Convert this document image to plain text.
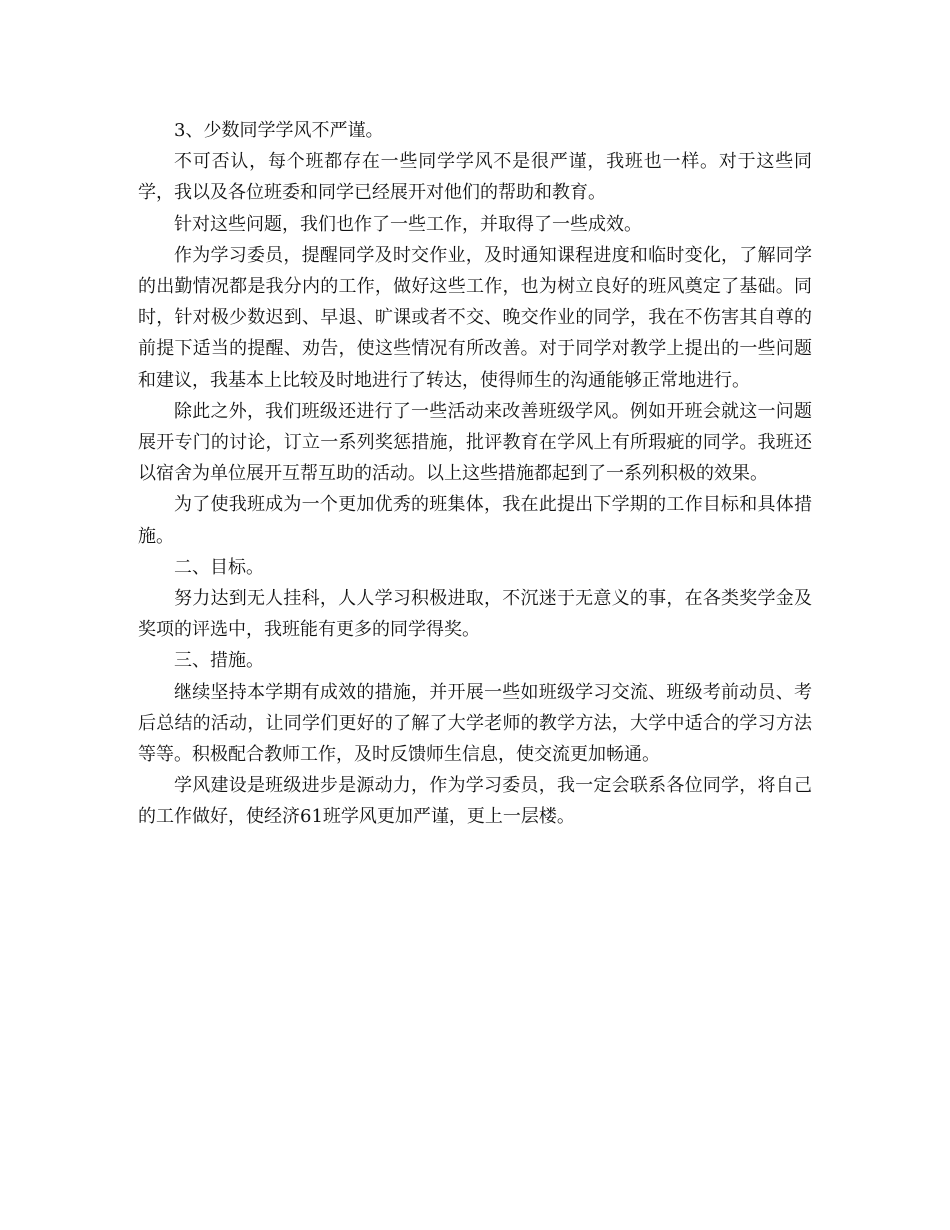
3、少数同学学风不严谨。

不可否认，每个班都存在一些同学学风不是很严谨，我班也一样。对于这些同学，我以及各位班委和同学已经展开对他们的帮助和教育。

针对这些问题，我们也作了一些工作，并取得了一些成效。

作为学习委员，提醒同学及时交作业，及时通知课程进度和临时变化，了解同学的出勤情况都是我分内的工作，做好这些工作，也为树立良好的班风奠定了基础。同时，针对极少数迟到、早退、旷课或者不交、晚交作业的同学，我在不伤害其自尊的前提下适当的提醒、劝告，使这些情况有所改善。对于同学对教学上提出的一些问题和建议，我基本上比较及时地进行了转达，使得师生的沟通能够正常地进行。

除此之外，我们班级还进行了一些活动来改善班级学风。例如开班会就这一问题展开专门的讨论，订立一系列奖惩措施，批评教育在学风上有所瑕疵的同学。我班还以宿舍为单位展开互帮互助的活动。以上这些措施都起到了一系列积极的效果。

为了使我班成为一个更加优秀的班集体，我在此提出下学期的工作目标和具体措施。

二、目标。

努力达到无人挂科，人人学习积极进取，不沉迷于无意义的事，在各类奖学金及奖项的评选中，我班能有更多的同学得奖。

三、措施。

继续坚持本学期有成效的措施，并开展一些如班级学习交流、班级考前动员、考后总结的活动，让同学们更好的了解了大学老师的教学方法，大学中适合的学习方法等等。积极配合教师工作，及时反馈师生信息，使交流更加畅通。

学风建设是班级进步是源动力，作为学习委员，我一定会联系各位同学，将自己的工作做好，使经济61班学风更加严谨，更上一层楼。
